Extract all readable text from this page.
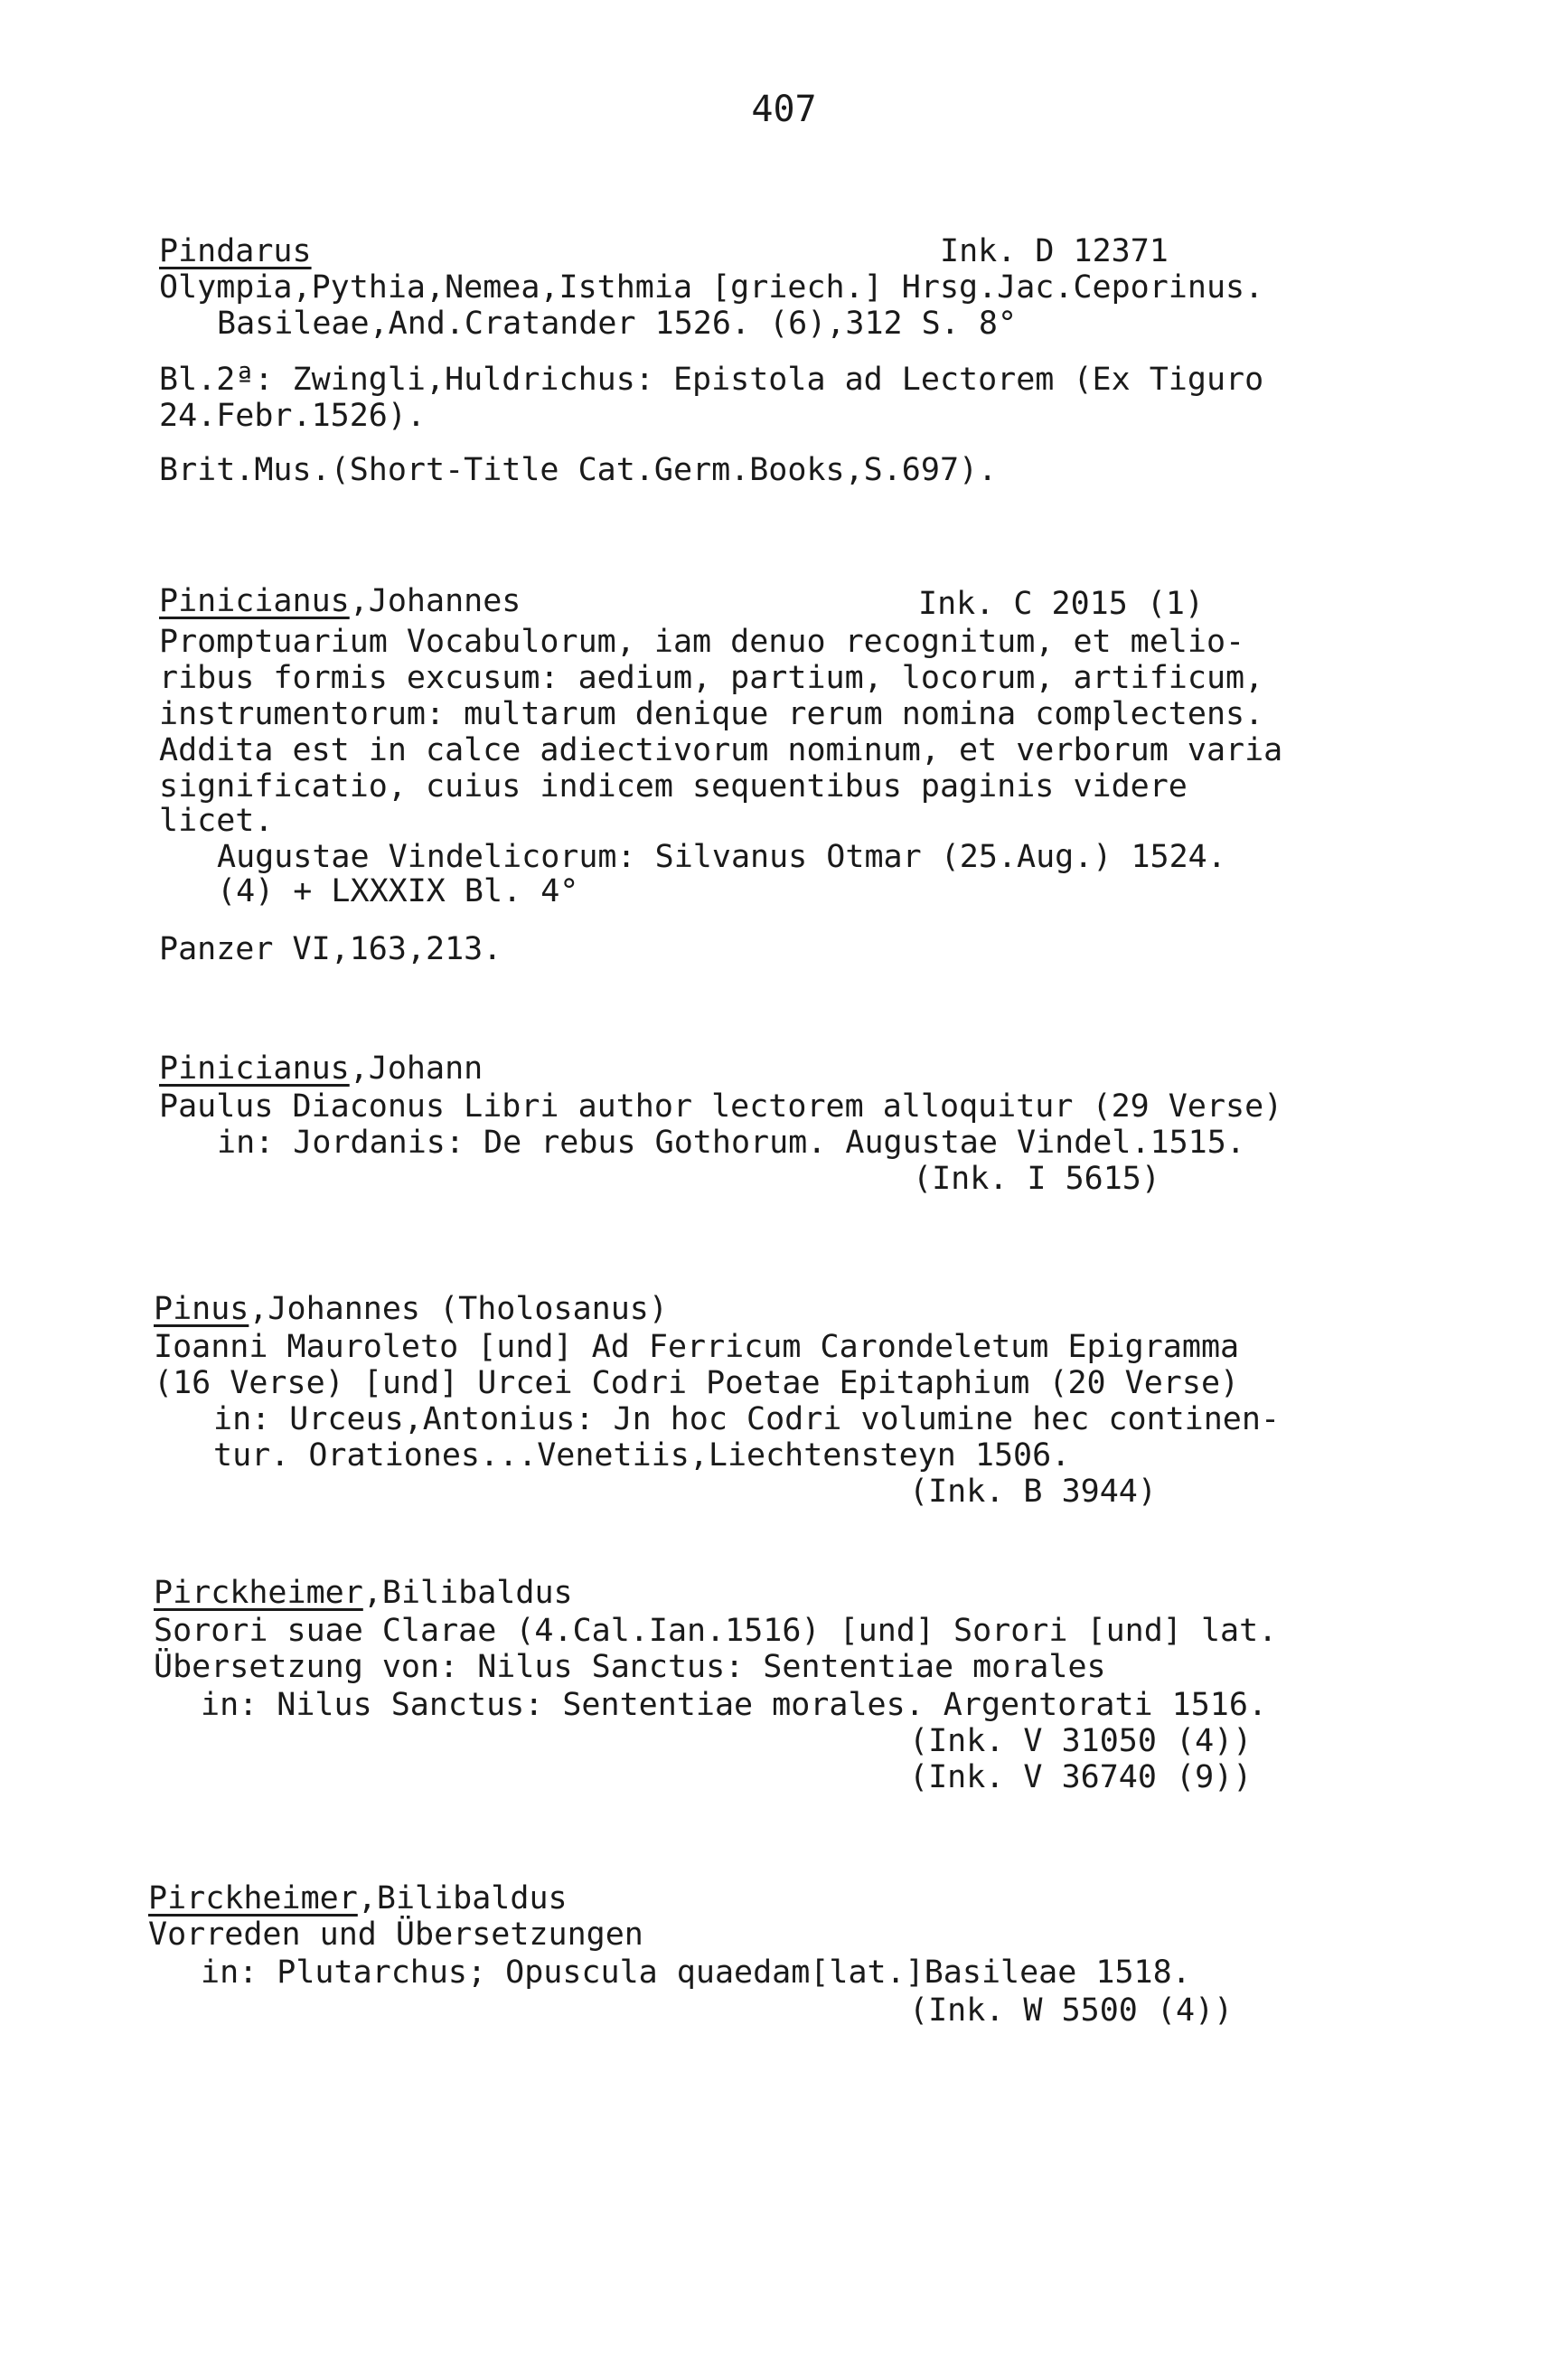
407
Pindarus	Ink. D 12371
Olympia,Pythia,Nemea,Isthmia [griech.] Hrsg.Jac.Ceporinus.
Basileae,And.Cratander 1526. (6),312 S. 8°
Bl.2ª: Zwingli,Huldrichus: Epistola ad Lectorem (Ex Tiguro
24.Febr.1526).
Brit.Mus.(Short-Title Cat.Germ.Books,S.697).
Pinicianus,Johannes	Ink. C 2015 (1)
Promptuarium Vocabulorum, iam denuo recognitum, et melio-
ribus formis excusum: aedium, partium, locorum, artificum,
instrumentorum: multarum denique rerum nomina complectens.
Addita est in calce adiectivorum nominum, et verborum varia
significatio, cuius indicem sequentibus paginis videre
licet.
Augustae Vindelicorum: Silvanus Otmar (25.Aug.) 1524.
(4) + LXXXIX Bl. 4°
Panzer VI,163,213.
Pinicianus,Johann
Paulus Diaconus Libri author lectorem alloquitur (29 Verse)
in: Jordanis: De rebus Gothorum. Augustae Vindel.1515.
(Ink. I 5615)
Pinus,Johannes (Tholosanus)
Ioanni Mauroleto [und] Ad Ferricum Carondeletum Epigramma
(16 Verse) [und] Urcei Codri Poetae Epitaphium (20 Verse)
in: Urceus,Antonius: Jn hoc Codri volumine hec continen-
tur. Orationes...Venetiis,Liechtensteyn 1506.
(Ink. B 3944)
Pirckheimer,Bilibaldus
Sorori suae Clarae (4.Cal.Ian.1516) [und] Sorori [und] lat.
Übersetzung von: Nilus Sanctus: Sententiae morales
in: Nilus Sanctus: Sententiae morales. Argentorati 1516.
(Ink. V 31050 (4))
(Ink. V 36740 (9))
Pirckheimer,Bilibaldus
Vorreden und Übersetzungen
in: Plutarchus; Opuscula quaedam[lat.]Basileae 1518.
(Ink. W 5500 (4))
